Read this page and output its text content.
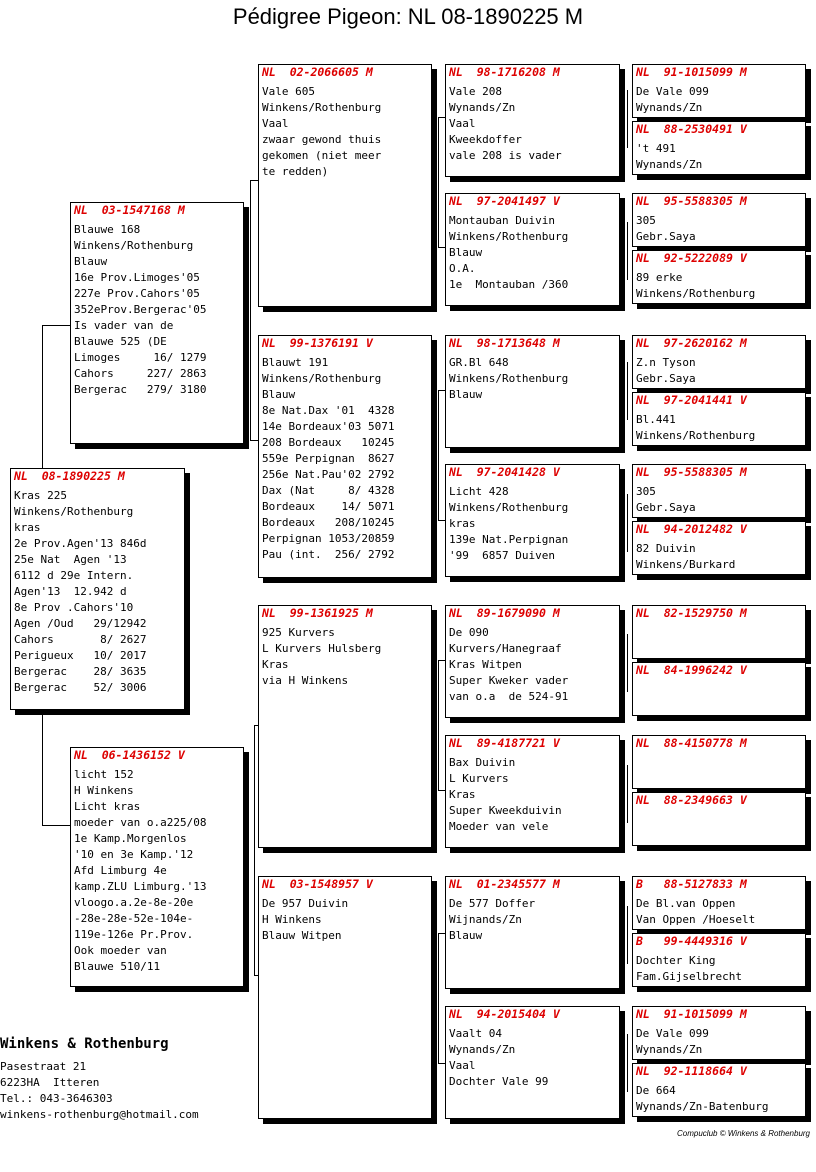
Pédigree Pigeon: NL 08-1890225 M
NL  08-1890225 M
Kras 225
Winkens/Rothenburg
kras
2e Prov.Agen'13 846d
25e Nat  Agen '13
6112 d 29e Intern.
Agen'13  12.942 d
8e Prov .Cahors'10
Agen /Oud   29/12942
Cahors       8/ 2627
Perigueux   10/ 2017
Bergerac    28/ 3635
Bergerac    52/ 3006
NL  03-1547168 M
Blauwe 168
Winkens/Rothenburg
Blauw
16e Prov.Limoges'05
227e Prov.Cahors'05
352eProv.Bergerac'05
Is vader van de
Blauwe 525 (DE
Limoges     16/ 1279
Cahors     227/ 2863
Bergerac   279/ 3180
NL  06-1436152 V
licht 152
H Winkens
Licht kras
moeder van o.a225/08
1e Kamp.Morgenlos
'10 en 3e Kamp.'12
Afd Limburg 4e
kamp.ZLU Limburg.'13
vloogo.a.2e-8e-20e
-28e-28e-52e-104e-
119e-126e Pr.Prov.
Ook moeder van
Blauwe 510/11
NL  02-2066605 M
Vale 605
Winkens/Rothenburg
Vaal
zwaar gewond thuis
gekomen (niet meer
te redden)
NL  99-1376191 V
Blauwt 191
Winkens/Rothenburg
Blauw
8e Nat.Dax '01  4328
14e Bordeaux'03 5071
208 Bordeaux   10245
559e Perpignan  8627
256e Nat.Pau'02 2792
Dax (Nat     8/ 4328
Bordeaux    14/ 5071
Bordeaux   208/10245
Perpignan 1053/20859
Pau (int.  256/ 2792
NL  99-1361925 M
925 Kurvers
L Kurvers Hulsberg
Kras
via H Winkens
NL  03-1548957 V
De 957 Duivin
H Winkens
Blauw Witpen
NL  98-1716208 M
Vale 208
Wynands/Zn
Vaal
Kweekdoffer
vale 208 is vader
NL  97-2041497 V
Montauban Duivin
Winkens/Rothenburg
Blauw
O.A.
1e  Montauban /360
NL  98-1713648 M
GR.Bl 648
Winkens/Rothenburg
Blauw
NL  97-2041428 V
Licht 428
Winkens/Rothenburg
kras
139e Nat.Perpignan
'99  6857 Duiven
NL  89-1679090 M
De 090
Kurvers/Hanegraaf
Kras Witpen
Super Kweker vader
van o.a  de 524-91
NL  89-4187721 V
Bax Duivin
L Kurvers
Kras
Super Kweekduivin
Moeder van vele
NL  01-2345577 M
De 577 Doffer
Wijnands/Zn
Blauw
NL  94-2015404 V
Vaalt 04
Wynands/Zn
Vaal
Dochter Vale 99
NL  91-1015099 M
De Vale 099
Wynands/Zn
NL  88-2530491 V
't 491
Wynands/Zn
NL  95-5588305 M
305
Gebr.Saya
NL  92-5222089 V
89 erke
Winkens/Rothenburg
NL  97-2620162 M
Z.n Tyson
Gebr.Saya
NL  97-2041441 V
Bl.441
Winkens/Rothenburg
NL  95-5588305 M
305
Gebr.Saya
NL  94-2012482 V
82 Duivin
Winkens/Burkard
NL  82-1529750 M
NL  84-1996242 V
NL  88-4150778 M
NL  88-2349663 V
B   88-5127833 M
De Bl.van Oppen
Van Oppen /Hoeselt
B   99-4449316 V
Dochter King
Fam.Gijselbrecht
NL  91-1015099 M
De Vale 099
Wynands/Zn
NL  92-1118664 V
De 664
Wynands/Zn-Batenburg
Winkens & Rothenburg
Pasestraat 21
6223HA  Itteren
Tel.: 043-3646303
winkens-rothenburg@hotmail.com
Compuclub © Winkens & Rothenburg
